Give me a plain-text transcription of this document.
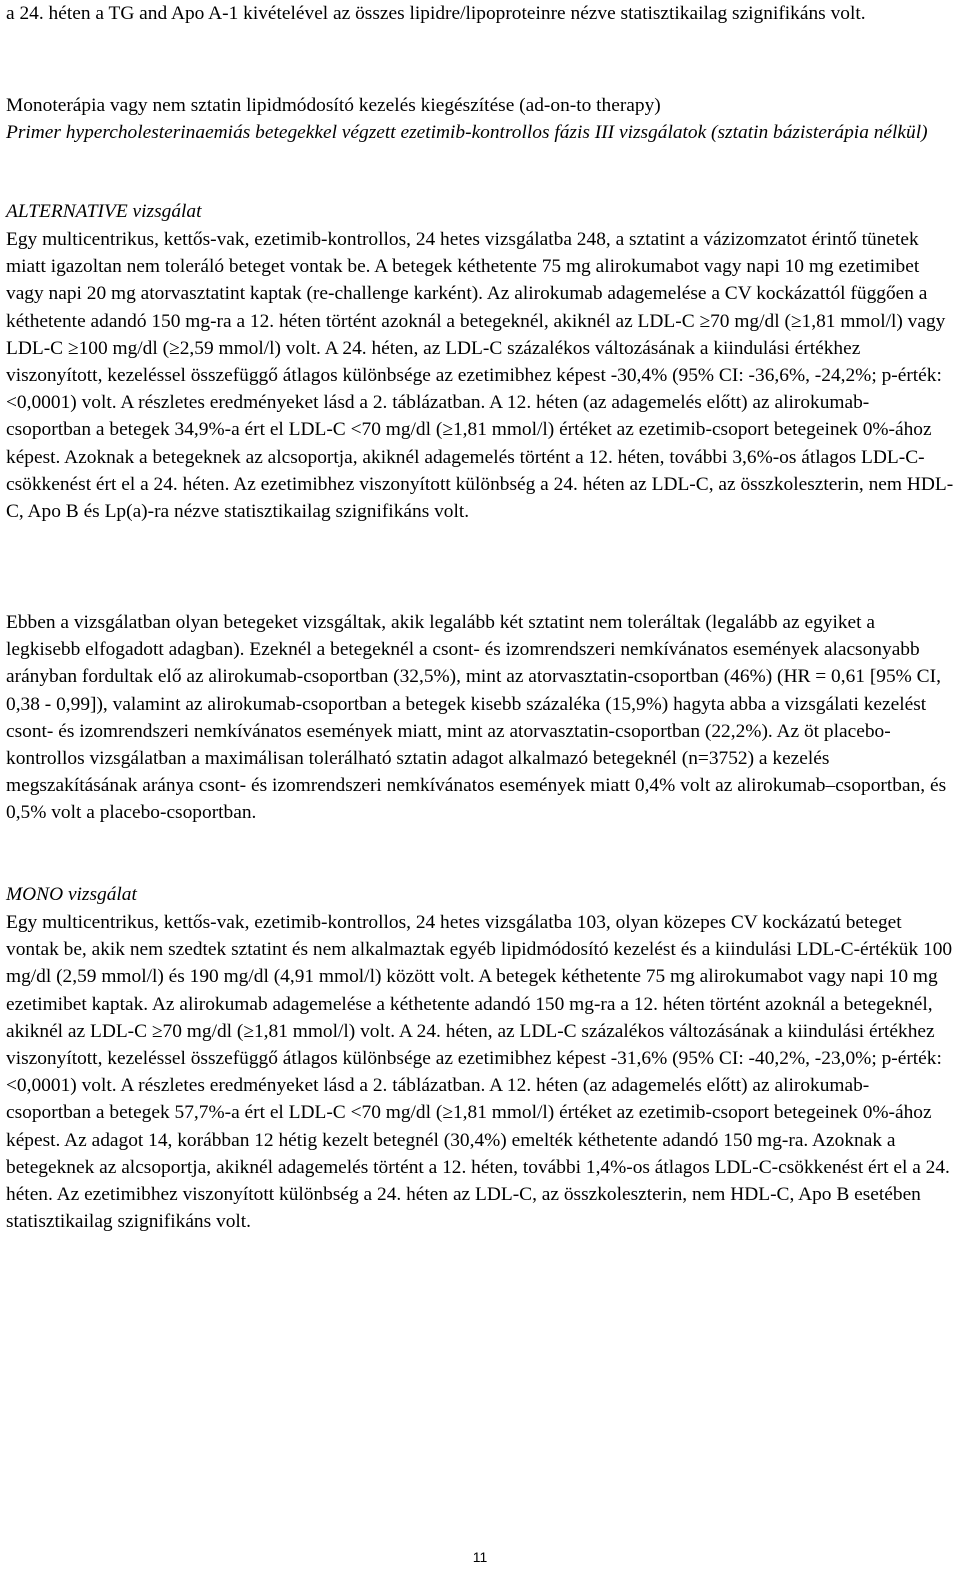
a 24. héten a TG and Apo A-1 kivételével az összes lipidre/lipoproteinre nézve statisztikailag szignifikáns volt.

Monoterápia vagy nem sztatin lipidmódosító kezelés kiegészítése (ad-on-to therapy)

Primer hypercholesterinaemiás betegekkel végzett ezetimib-kontrollos fázis III vizsgálatok (sztatin bázisterápia nélkül)

ALTERNATIVE vizsgálat

Egy multicentrikus, kettős-vak, ezetimib-kontrollos, 24 hetes vizsgálatba 248, a sztatint a vázizomzatot érintő tünetek miatt igazoltan nem toleráló beteget vontak be. A betegek kéthetente 75 mg alirokumabot vagy napi 10 mg ezetimibet vagy napi 20 mg atorvasztatint kaptak (re-challenge karként). Az alirokumab adagemelése a CV kockázattól függően a kéthetente adandó 150 mg-ra a 12. héten történt azoknál a betegeknél, akiknél az LDL-C ≥70 mg/dl (≥1,81 mmol/l) vagy LDL-C ≥100 mg/dl (≥2,59 mmol/l) volt. A 24. héten, az LDL-C százalékos változásának a kiindulási értékhez viszonyított, kezeléssel összefüggő átlagos különbsége az ezetimibhez képest -30,4% (95% CI: -36,6%, -24,2%; p-érték: <0,0001) volt. A részletes eredményeket lásd a 2. táblázatban. A 12. héten (az adagemelés előtt) az alirokumab-csoportban a betegek 34,9%-a ért el LDL-C <70 mg/dl (≥1,81 mmol/l) értéket az ezetimib-csoport betegeinek 0%-ához képest. Azoknak a betegeknek az alcsoportja, akiknél adagemelés történt a 12. héten, további 3,6%-os átlagos LDL-C-csökkenést ért el a 24. héten. Az ezetimibhez viszonyított különbség a 24. héten az LDL-C, az összkoleszterin, nem HDL-C, Apo B és Lp(a)-ra nézve statisztikailag szignifikáns volt.

Ebben a vizsgálatban olyan betegeket vizsgáltak, akik legalább két sztatint nem toleráltak (legalább az egyiket a legkisebb elfogadott adagban). Ezeknél a betegeknél a csont- és izomrendszeri nemkívánatos események alacsonyabb arányban fordultak elő az alirokumab-csoportban (32,5%), mint az atorvasztatin-csoportban (46%) (HR = 0,61 [95% CI, 0,38 - 0,99]), valamint az alirokumab-csoportban a betegek kisebb százaléka (15,9%) hagyta abba a vizsgálati kezelést csont- és izomrendszeri nemkívánatos események miatt, mint az atorvasztatin-csoportban (22,2%). Az öt placebo-kontrollos vizsgálatban a maximálisan tolerálható sztatin adagot alkalmazó betegeknél (n=3752) a kezelés megszakításának aránya csont- és izomrendszeri nemkívánatos események miatt 0,4% volt az alirokumab–csoportban, és 0,5% volt a placebo-csoportban.

MONO vizsgálat

Egy multicentrikus, kettős-vak, ezetimib-kontrollos, 24 hetes vizsgálatba 103, olyan közepes CV kockázatú beteget vontak be, akik nem szedtek sztatint és nem alkalmaztak egyéb lipidmódosító kezelést és a kiindulási LDL-C-értékük 100 mg/dl (2,59 mmol/l) és 190 mg/dl (4,91 mmol/l) között volt. A betegek kéthetente 75 mg alirokumabot vagy napi 10 mg ezetimibet kaptak. Az alirokumab adagemelése a kéthetente adandó 150 mg-ra a 12. héten történt azoknál a betegeknél, akiknél az LDL-C ≥70 mg/dl (≥1,81 mmol/l) volt. A 24. héten, az LDL-C százalékos változásának a kiindulási értékhez viszonyított, kezeléssel összefüggő átlagos különbsége az ezetimibhez képest -31,6% (95% CI: -40,2%, -23,0%; p-érték: <0,0001) volt. A részletes eredményeket lásd a 2. táblázatban. A 12. héten (az adagemelés előtt) az alirokumab-csoportban a betegek 57,7%-a ért el LDL-C <70 mg/dl (≥1,81 mmol/l) értéket az ezetimib-csoport betegeinek 0%-ához képest. Az adagot 14, korábban 12 hétig kezelt betegnél (30,4%) emelték kéthetente adandó 150 mg-ra. Azoknak a betegeknek az alcsoportja, akiknél adagemelés történt a 12. héten, további 1,4%-os átlagos LDL-C-csökkenést ért el a 24. héten. Az ezetimibhez viszonyított különbség a 24. héten az LDL-C, az összkoleszterin, nem HDL-C, Apo B esetében statisztikailag szignifikáns volt.

11
